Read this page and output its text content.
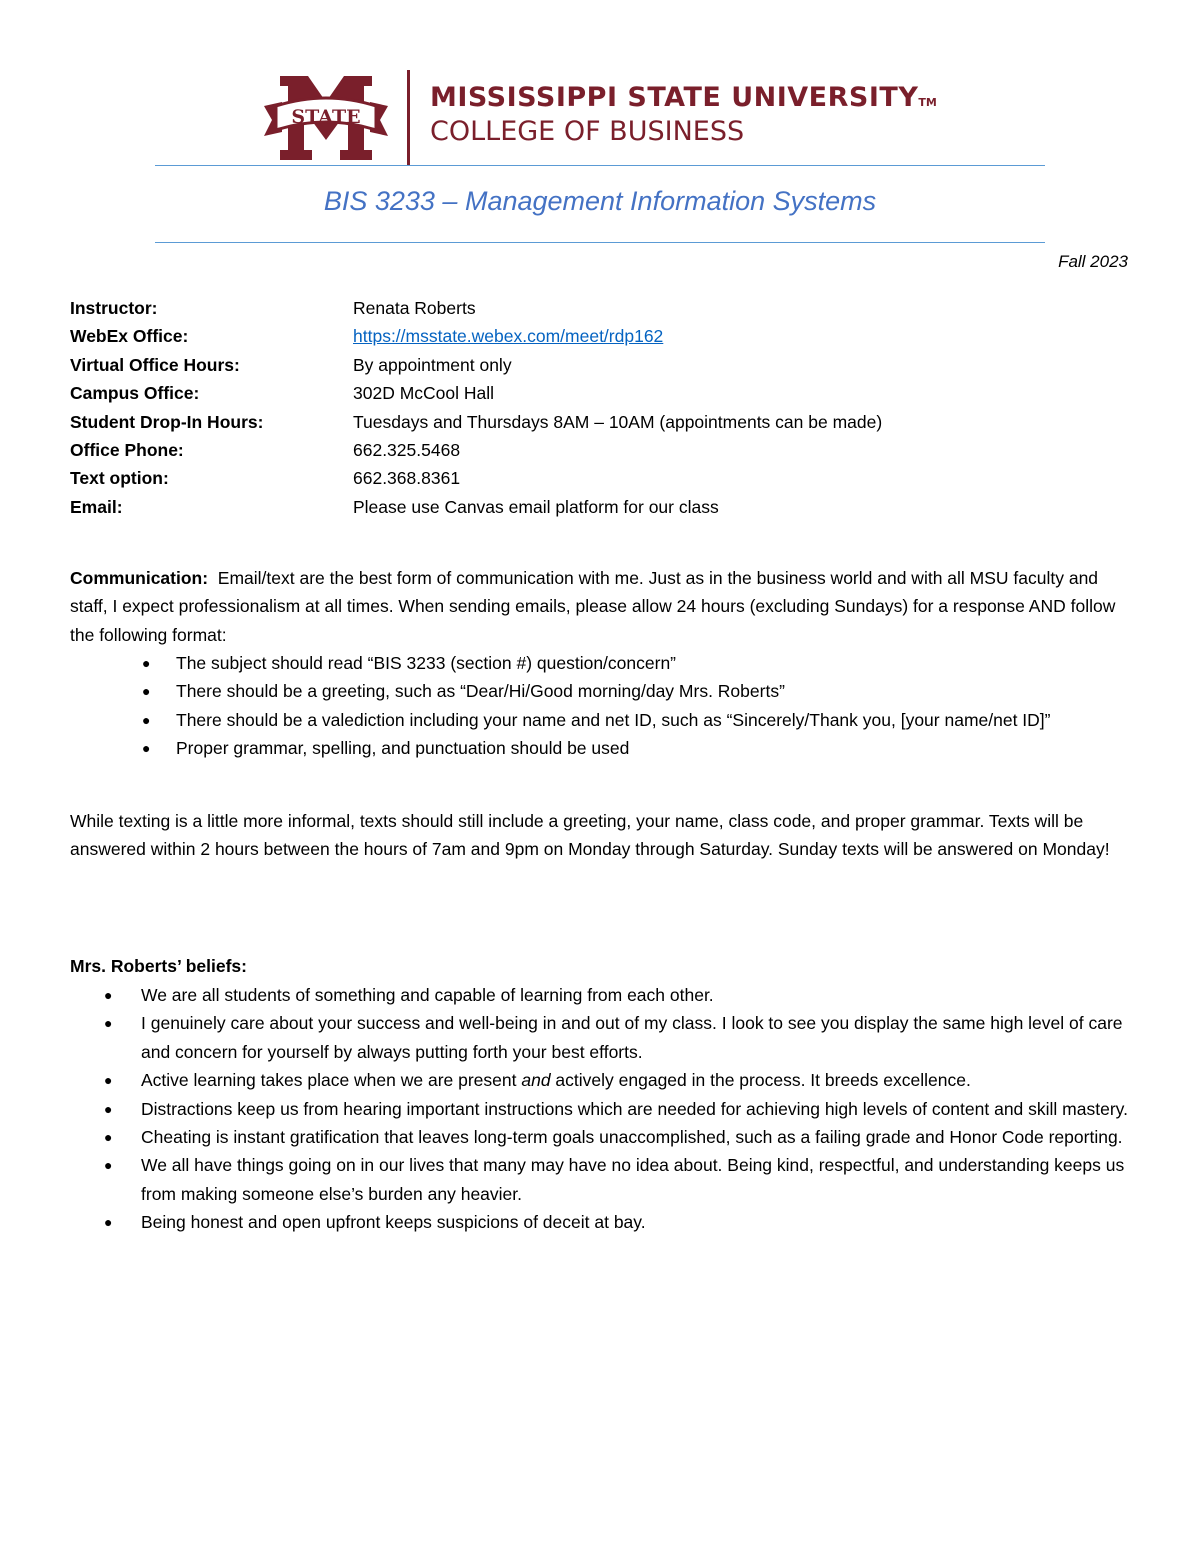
STATE
MISSISSIPPI STATE UNIVERSITYTM
COLLEGE OF BUSINESS
BIS 3233 – Management Information Systems
Fall 2023
Instructor:	Renata Roberts
WebEx Office:	https://msstate.webex.com/meet/rdp162
Virtual Office Hours:	By appointment only
Campus Office:	302D McCool Hall
Student Drop-In Hours:	Tuesdays and Thursdays 8AM – 10AM (appointments can be made)
Office Phone:	662.325.5468
Text option:	662.368.8361
Email:	Please use Canvas email platform for our class
Communication: Email/text are the best form of communication with me. Just as in the business world and with all MSU faculty and staff, I expect professionalism at all times. When sending emails, please allow 24 hours (excluding Sundays) for a response AND follow the following format:
● The subject should read “BIS 3233 (section #) question/concern”
● There should be a greeting, such as “Dear/Hi/Good morning/day Mrs. Roberts”
● There should be a valediction including your name and net ID, such as “Sincerely/Thank you, [your name/net ID]”
● Proper grammar, spelling, and punctuation should be used
While texting is a little more informal, texts should still include a greeting, your name, class code, and proper grammar. Texts will be answered within 2 hours between the hours of 7am and 9pm on Monday through Saturday. Sunday texts will be answered on Monday!
Mrs. Roberts’ beliefs:
● We are all students of something and capable of learning from each other.
● I genuinely care about your success and well-being in and out of my class. I look to see you display the same high level of care and concern for yourself by always putting forth your best efforts.
● Active learning takes place when we are present and actively engaged in the process. It breeds excellence.
● Distractions keep us from hearing important instructions which are needed for achieving high levels of content and skill mastery.
● Cheating is instant gratification that leaves long-term goals unaccomplished, such as a failing grade and Honor Code reporting.
● We all have things going on in our lives that many may have no idea about. Being kind, respectful, and understanding keeps us from making someone else’s burden any heavier.
● Being honest and open upfront keeps suspicions of deceit at bay.
